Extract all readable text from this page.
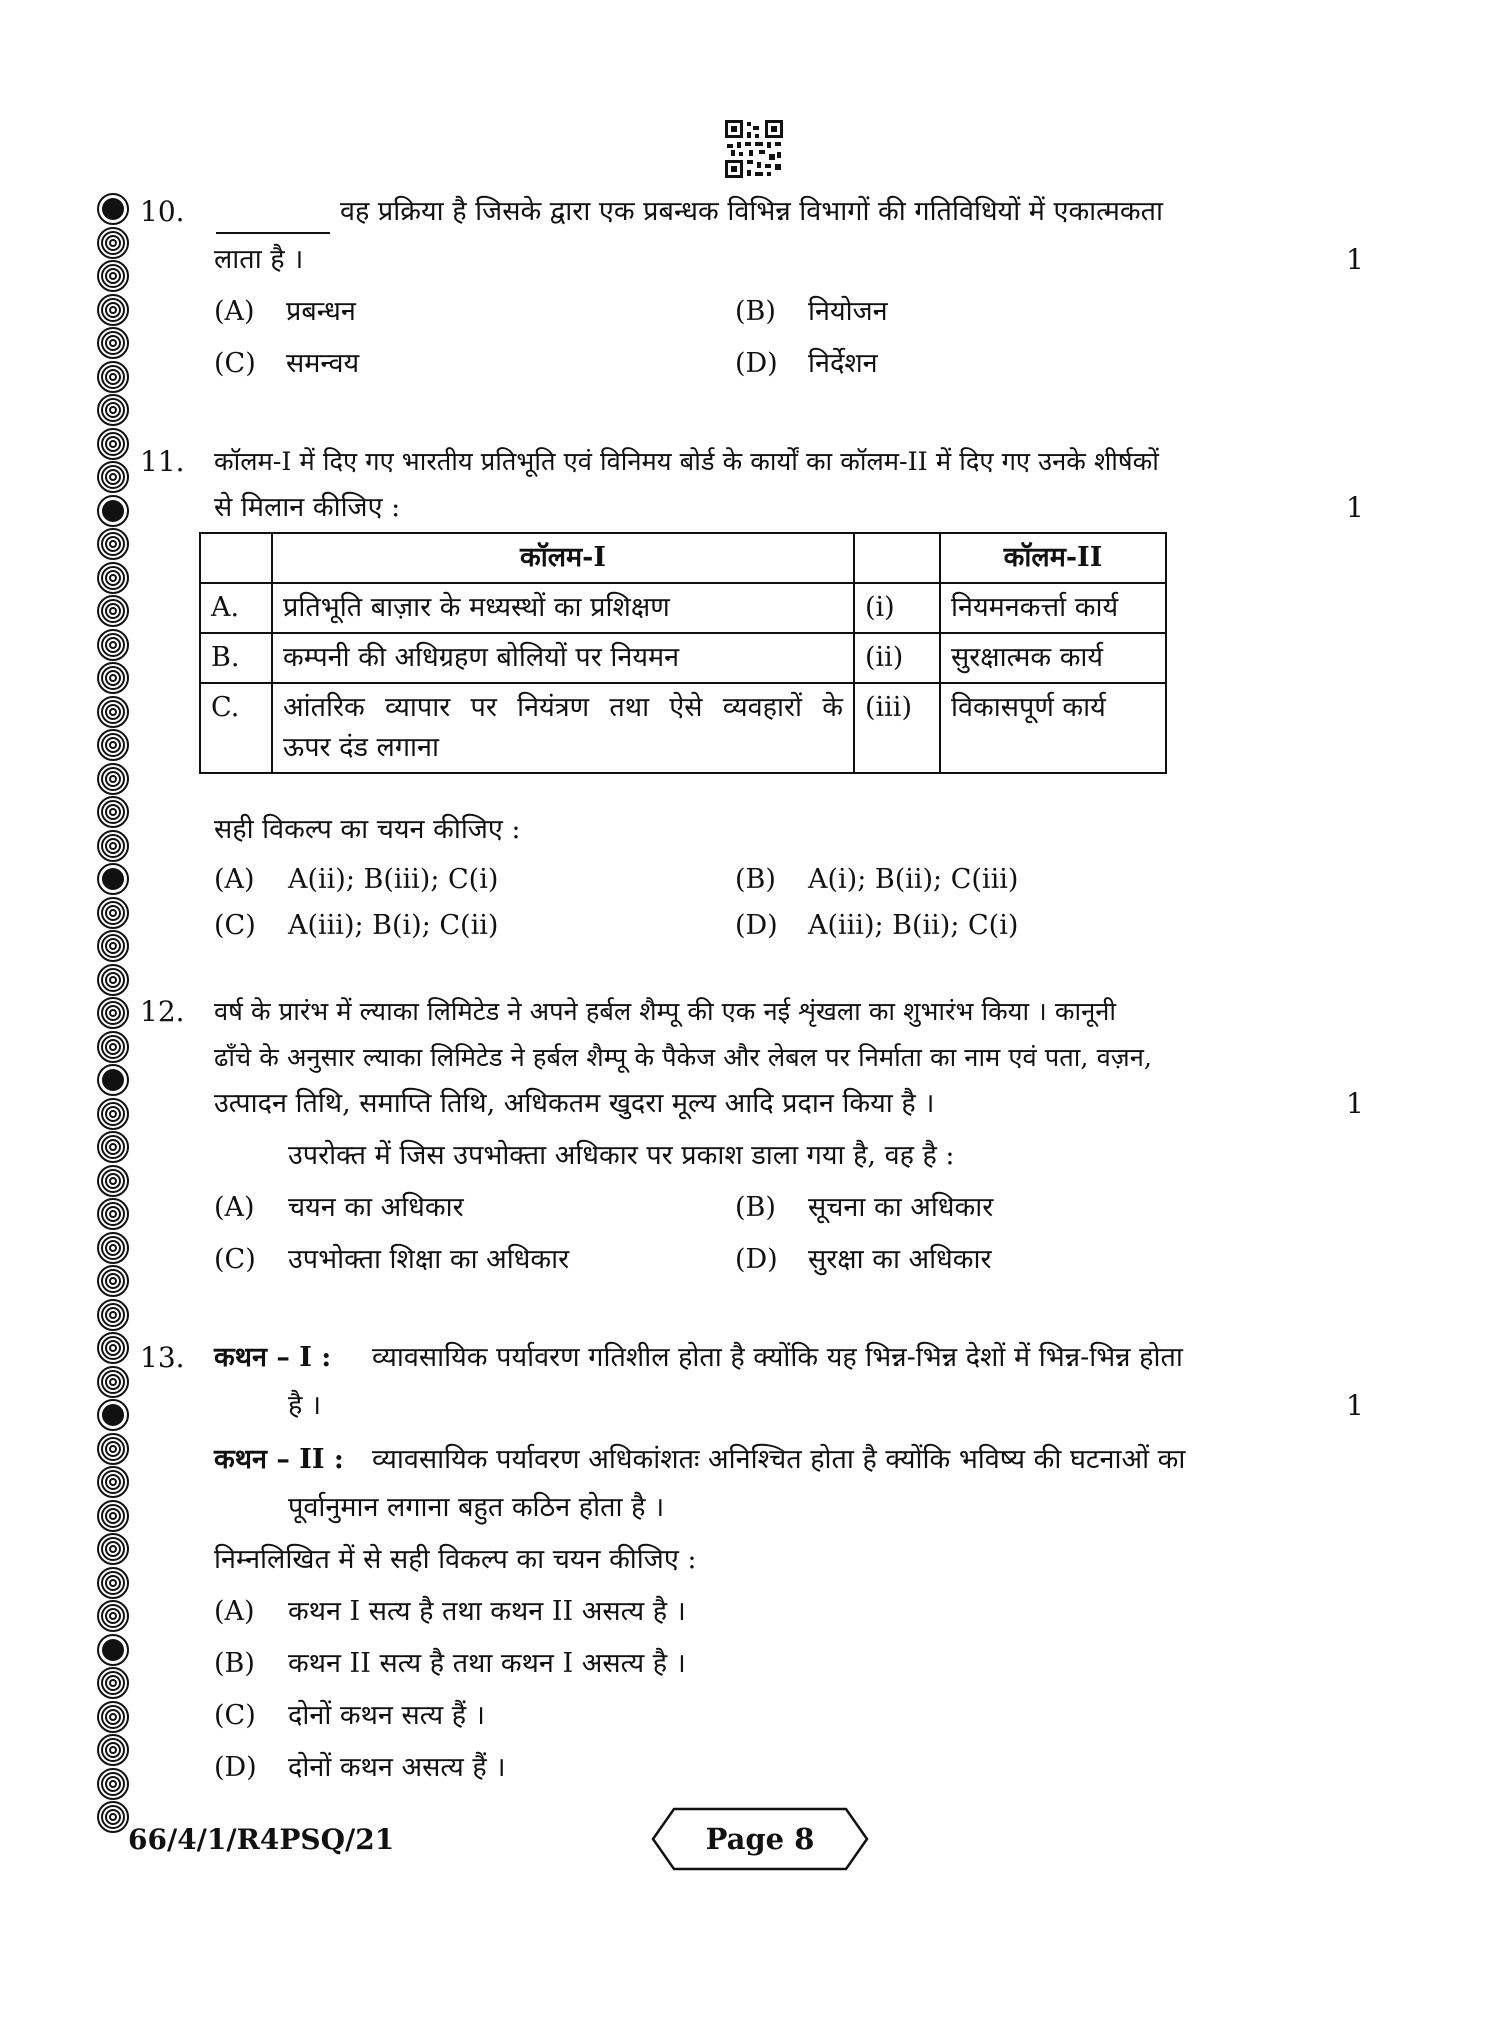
10.	वह प्रक्रिया है जिसके द्वारा एक प्रबन्धक विभिन्न विभागों की गतिविधियों में एकात्मकता
लाता है ।	1
(A) प्रबन्धन	(B) नियोजन
(C) समन्वय	(D) निर्देशन
11. कॉलम-I में दिए गए भारतीय प्रतिभूति एवं विनिमय बोर्ड के कार्यों का कॉलम-II में दिए गए उनके शीर्षकों
से मिलान कीजिए :	1
	कॉलम-I		कॉलम-II
A.	प्रतिभूति बाज़ार के मध्यस्थों का प्रशिक्षण	(i)	नियमनकर्त्ता कार्य
B.	कम्पनी की अधिग्रहण बोलियों पर नियमन	(ii)	सुरक्षात्मक कार्य
C.	आंतरिक व्यापार पर नियंत्रण तथा ऐसे व्यवहारों के
ऊपर दंड लगाना	(iii)	विकासपूर्ण कार्य
सही विकल्प का चयन कीजिए :
(A) A(ii); B(iii); C(i)	(B) A(i); B(ii); C(iii)
(C) A(iii); B(i); C(ii)	(D) A(iii); B(ii); C(i)
12. वर्ष के प्रारंभ में ल्याका लिमिटेड ने अपने हर्बल शैम्पू की एक नई शृंखला का शुभारंभ किया । कानूनी
ढाँचे के अनुसार ल्याका लिमिटेड ने हर्बल शैम्पू के पैकेज और लेबल पर निर्माता का नाम एवं पता, वज़न,
उत्पादन तिथि, समाप्ति तिथि, अधिकतम खुदरा मूल्य आदि प्रदान किया है ।	1
उपरोक्त में जिस उपभोक्ता अधिकार पर प्रकाश डाला गया है, वह है :
(A) चयन का अधिकार	(B) सूचना का अधिकार
(C) उपभोक्ता शिक्षा का अधिकार	(D) सुरक्षा का अधिकार
13. कथन – I : व्यावसायिक पर्यावरण गतिशील होता है क्योंकि यह भिन्न-भिन्न देशों में भिन्न-भिन्न होता
है ।	1
कथन – II : व्यावसायिक पर्यावरण अधिकांशतः अनिश्चित होता है क्योंकि भविष्य की घटनाओं का
पूर्वानुमान लगाना बहुत कठिन होता है ।
निम्नलिखित में से सही विकल्प का चयन कीजिए :
(A) कथन I सत्य है तथा कथन II असत्य है ।
(B) कथन II सत्य है तथा कथन I असत्य है ।
(C) दोनों कथन सत्य हैं ।
(D) दोनों कथन असत्य हैं ।
66/4/1/R4PSQ/21	Page 8
